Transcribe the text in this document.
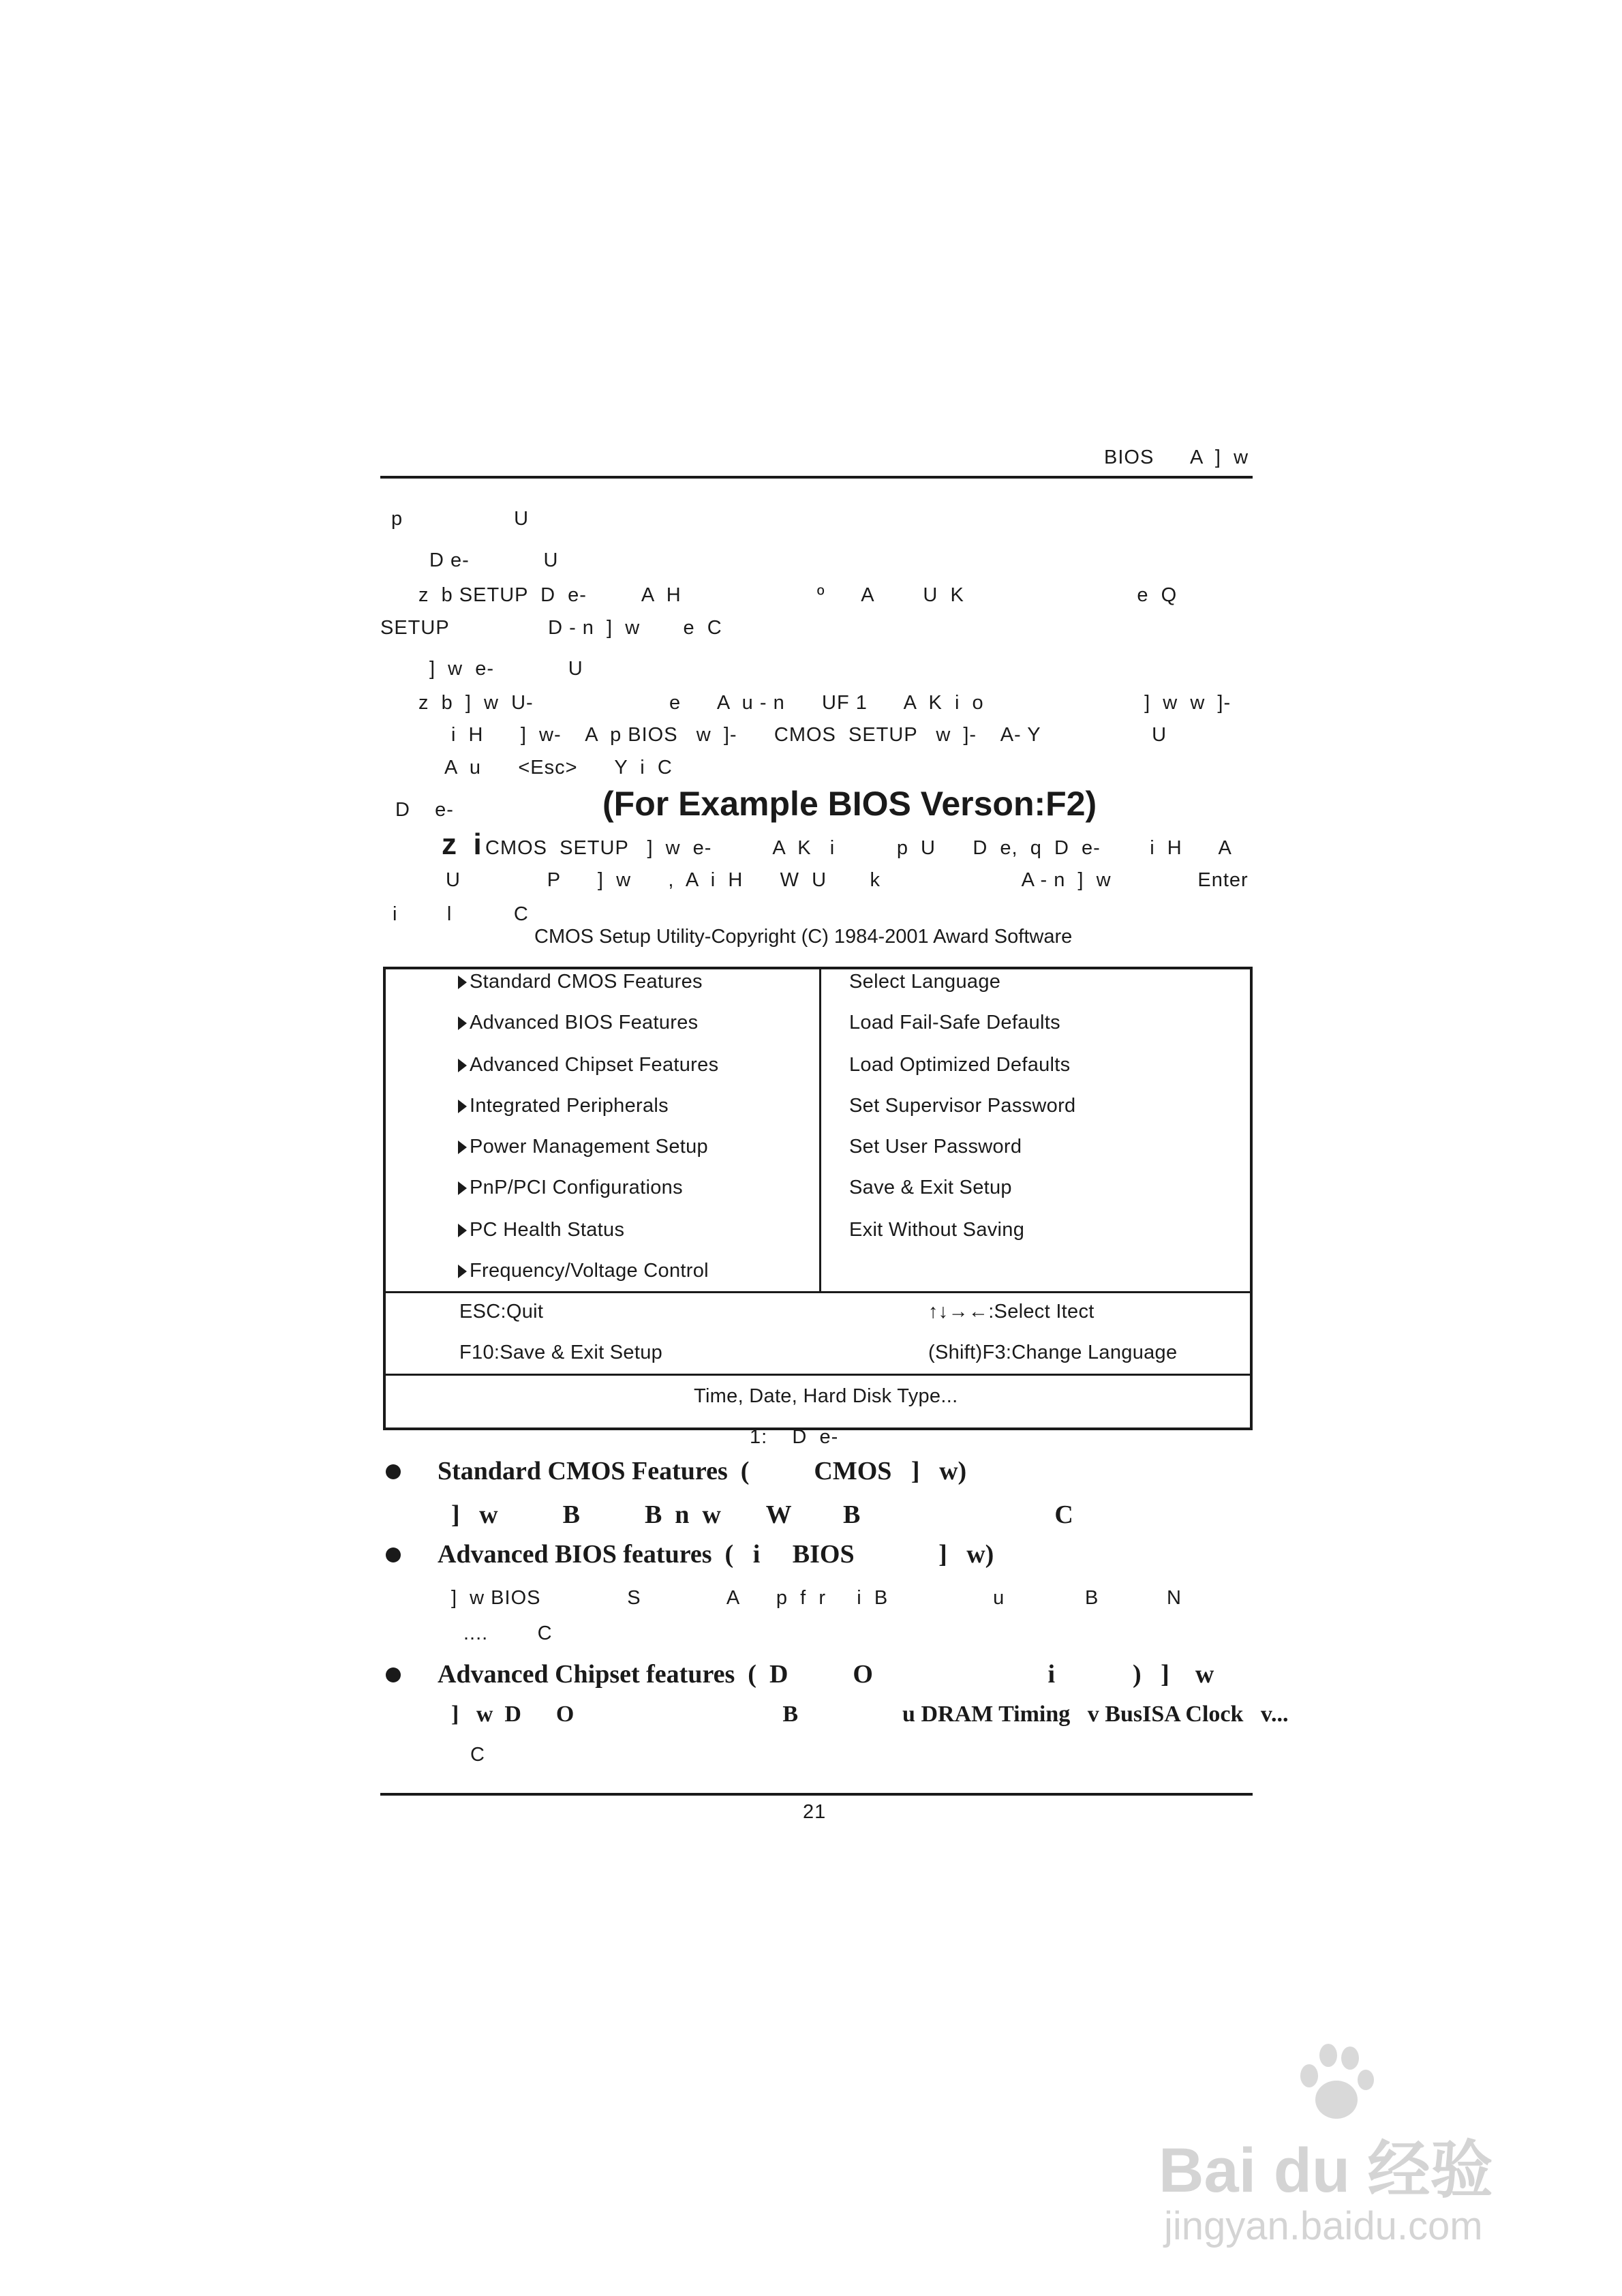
BIOS      A  ]  w
p                  U
D e-            U
z  b SETUP  D  e-         A  H                      º      A        U  K                            e  Q
SETUP                D - n  ]  w       e  C
]  w  e-            U
z  b  ]  w  U-                      e      A  u - n      UF 1      A  K  i  o                          ]  w  w  ]-
i  H      ]  w-    A  p BIOS   w  ]-      CMOS  SETUP   w  ]-    A- Y                  U
A  u      <Esc>      Y  i  C
D    e-	(For Example BIOS Verson:F2)
z  i CMOS  SETUP   ]  w  e-          A  K   i          p  U      D  e,  q  D  e-        i  H      A
U              P      ]  w      ,  A  i  H      W  U       k                       A - n  ]  w              Enter
i        l          C
CMOS Setup Utility-Copyright (C) 1984-2001 Award Software
Standard CMOS Features
Advanced BIOS Features
Advanced Chipset Features
Integrated Peripherals
Power Management Setup
PnP/PCI Configurations
PC Health Status
Frequency/Voltage Control
Select Language
Load Fail-Safe Defaults
Load Optimized Defaults
Set Supervisor Password
Set User Password
Save & Exit Setup
Exit Without Saving
ESC:Quit
F10:Save & Exit Setup
↑↓→←:Select Itect
(Shift)F3:Change Language
Time, Date, Hard Disk Type...
1:    D  e-
Standard CMOS Features  (          CMOS   ]   w)
]   w          B          B  n  w       W        B                              C
Advanced BIOS features  (   i     BIOS             ]   w)
]  w BIOS              S              A      p  f  r     i  B                 u             B           N
....        C
Advanced Chipset features  (  D          O                           i            )   ]    w
]   w  D      O                                    B                  u DRAM Timing   v BusISA Clock   v...
C
21
Bai du 经验
jingyan.baidu.com
